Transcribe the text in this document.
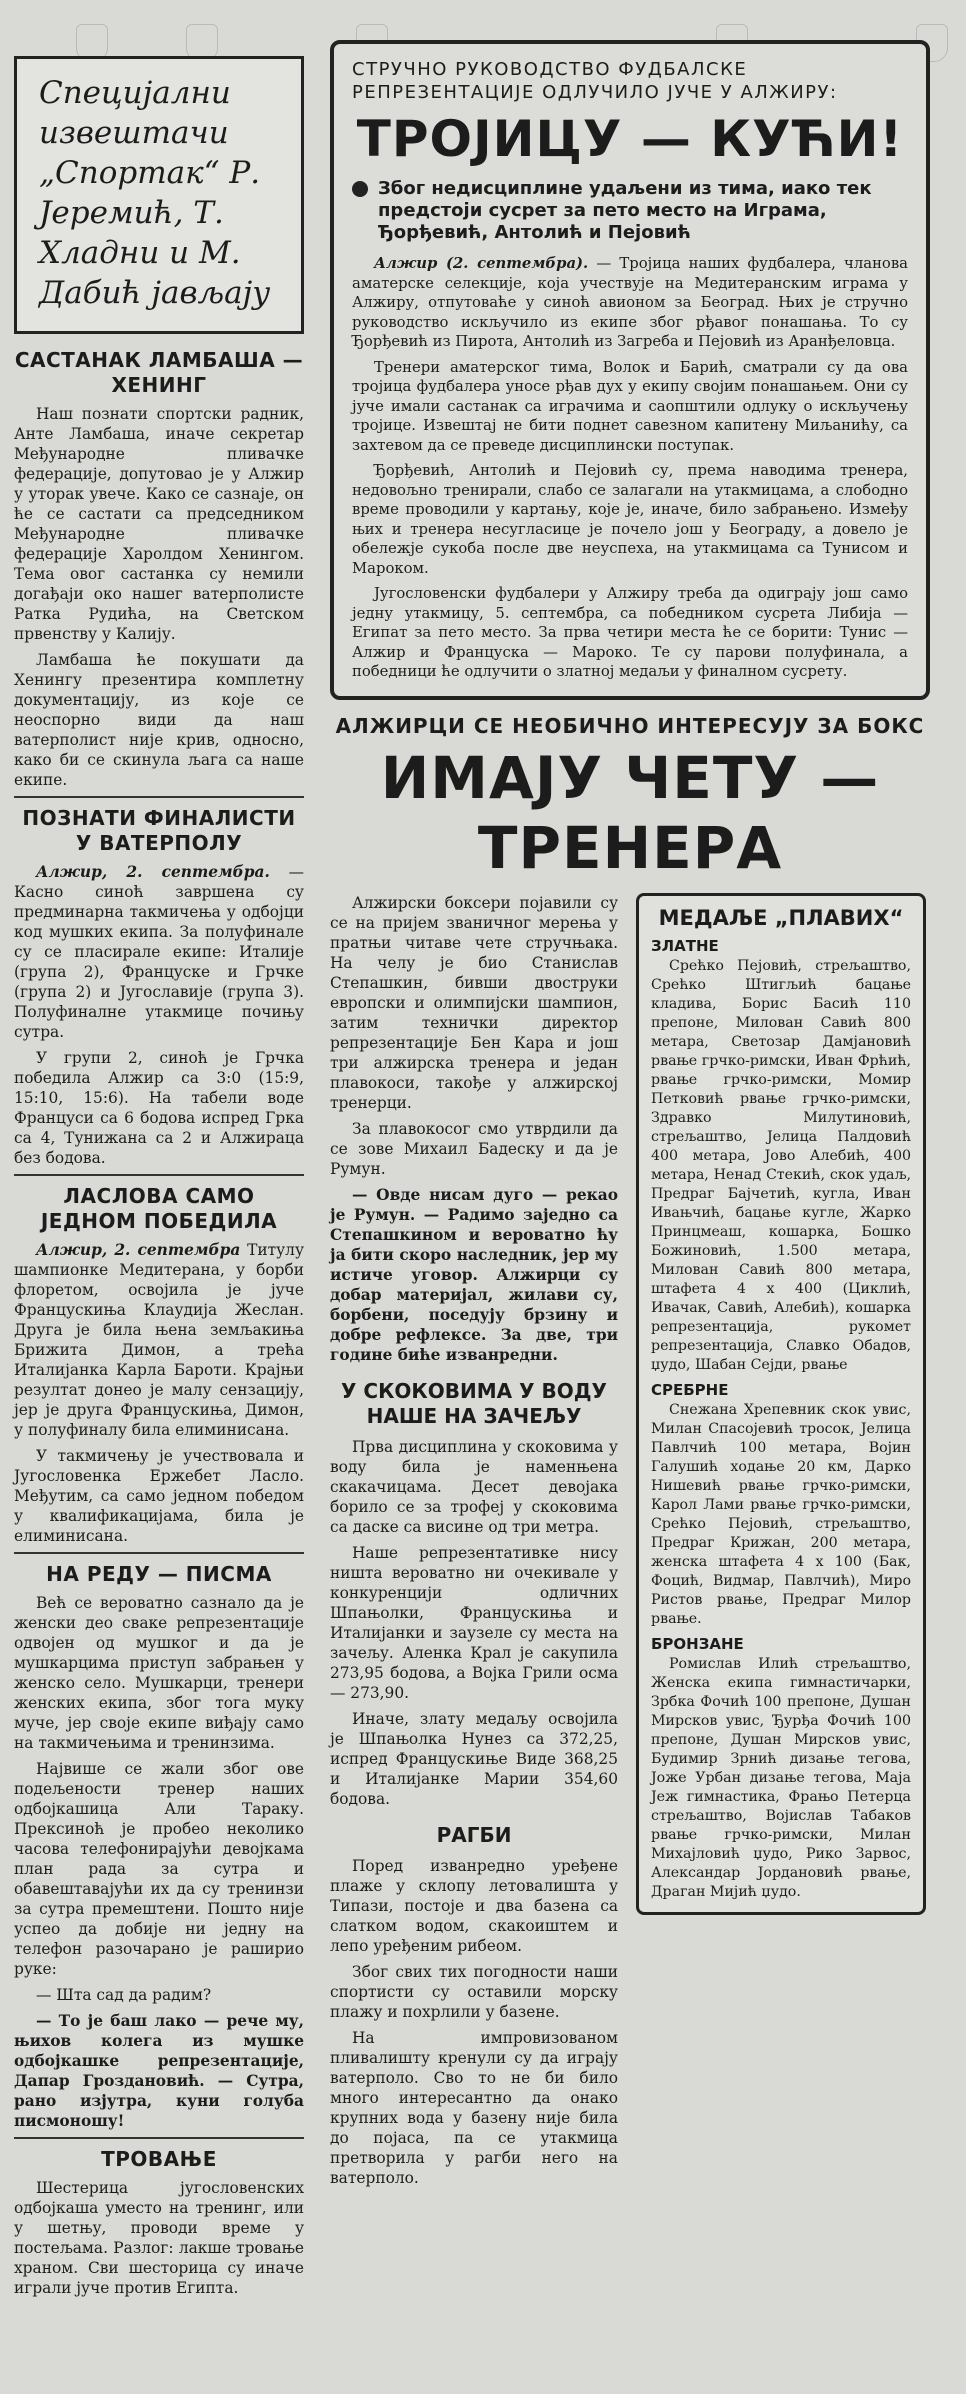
Специјални извештачи „Спортак“ Р. Јеремић, Т. Хладни и М. Дабић јављају
САСТАНАК ЛАМБАША — ХЕНИНГ

Наш познати спортски радник, Анте Ламбаша, иначе секретар Међународне пливачке федерације, допутовао је у Алжир у уторак увече. Како се сазнаје, он ће се састати са председником Међународне пливачке федерације Харолдом Хенингом. Тема овог састанка су немили догађаји око нашег ватерполисте Ратка Рудића, на Светском првенству у Калију.

Ламбаша ће покушати да Хенингу презентира комплетну документацију, из које се неоспорно види да наш ватерполист није крив, односно, како би се скинула љага са наше екипе.

ПОЗНАТИ ФИНАЛИСТИ У ВАТЕРПОЛУ

Алжир, 2. септембра. — Касно синоћ завршена су предминарна такмичења у одбојци код мушких екипа. За полуфинале су се пласирале екипе: Италије (група 2), Француске и Грчке (група 2) и Југославије (група 3). Полуфиналне утакмице почињу сутра.

У групи 2, синоћ је Грчка победила Алжир са 3:0 (15:9, 15:10, 15:6). На табели воде Француси са 6 бодова испред Грка са 4, Тунижана са 2 и Алжираца без бодова.

ЛАСЛОВА САМО ЈЕДНОМ ПОБЕДИЛА

Алжир, 2. септембра Титулу шампионке Медитерана, у борби флоретом, освојила је јуче Францускиња Клаудија Жеслан. Друга је била њена земљакиња Брижита Димон, а трећа Италијанка Карла Бароти. Крајњи резултат донео је малу сензацију, јер је друга Францускиња, Димон, у полуфиналу била елиминисана.

У такмичењу је учествовала и Југословенка Ержебет Ласло. Међутим, са само једном победом у квалификацијама, била је елиминисана.

НА РЕДУ — ПИСМА

Већ се вероватно сазнало да је женски део сваке репрезентације одвојен од мушког и да је мушкарцима приступ забрањен у женско село. Мушкарци, тренери женских екипа, због тога муку муче, јер своје екипе виђају само на такмичењима и тренинзима.

Највише се жали због ове подељености тренер наших одбојкашица Али Тараку. Прексиноћ је пробео неколико часова телефонирајући девојкама план рада за сутра и обавештавајући их да су тренинзи за сутра премештени. Пошто није успео да добије ни једну на телефон разочарано је раширио руке:

— Шта сад да радим?

— То је баш лако — рече му, њихов колега из мушке одбојкашке репрезентације, Дапар Гроздановић. — Сутра, рано изјутра, куни голуба писмоношу!

ТРОВАЊЕ

Шестерица југословенских одбојкаша уместо на тренинг, или у шетњу, проводи време у постељама. Разлог: лакше тровање храном. Сви шесторица су иначе играли јуче против Египта.

СТРУЧНО РУКОВОДСТВО ФУДБАЛСКЕ РЕПРЕЗЕНТАЦИЈЕ ОДЛУЧИЛО ЈУЧЕ У АЛЖИРУ:
ТРОЈИЦУ — КУЋИ!
Због недисциплине удаљени из тима, иако тек предстоји сусрет за пето место на Играма, Ђорђевић, Антолић и Пејовић

Алжир (2. септембра). — Тројица наших фудбалера, чланова аматерске селекције, која учествује на Медитеранским играма у Алжиру, отпутоваће у синоћ авионом за Београд. Њих је стручно руководство искључило из екипе због рђавог понашања. То су Ђорђевић из Пирота, Антолић из Загреба и Пејовић из Аранђеловца.

Тренери аматерског тима, Волок и Барић, сматрали су да ова тројица фудбалера уносе рђав дух у екипу својим понашањем. Они су јуче имали састанак са играчима и саопштили одлуку о искључењу тројице. Извештај не бити поднет савезном капитену Миљанићу, са захтевом да се преведе дисциплински поступак.

Ђорђевић, Антолић и Пејовић су, према наводима тренера, недовољно тренирали, слабо се залагали на утакмицама, а слободно време проводили у картању, које је, иначе, било забрањено. Између њих и тренера несугласице је почело још у Београду, а довело је обележје сукоба после две неуспеха, на утакмицама са Тунисом и Мароком.

Југословенски фудбалери у Алжиру треба да одиграју још само једну утакмицу, 5. септембра, са победником сусрета Либија — Египат за пето место. За прва четири места ће се борити: Тунис — Алжир и Француска — Мароко. Те су парови полуфинала, а победници ће одлучити о златној медаљи у финалном сусрету.

АЛЖИРЦИ СЕ НЕОБИЧНО ИНТЕРЕСУЈУ ЗА БОКС
ИМАЈУ ЧЕТУ — ТРЕНЕРА

Алжирски боксери појавили су се на пријем званичног мерења у пратњи читаве чете стручњака. На челу је био Станислав Степашкин, бивши двоструки европски и олимпијски шампион, затим технички директор репрезентације Бен Кара и још три алжирска тренера и један плавокоси, такође у алжирској тренерци.

За плавокосог смо утврдили да се зове Михаил Бадеску и да је Румун.

— Овде нисам дуго — рекао је Румун. — Радимо заједно са Степашкином и вероватно ћу ја бити скоро наследник, јер му истиче уговор. Алжирци су добар материјал, жилави су, борбени, поседују брзину и добре рефлексе. За две, три године биће изванредни.

У СКОКОВИМА У ВОДУ НАШЕ НА ЗАЧЕЉУ

Прва дисциплина у скоковима у воду била је наменњена скакачицама. Десет девојака борило се за трофеј у скоковима са даске са висине од три метра.

Наше репрезентативке нису ништа вероватно ни очекивале у конкуренцији одличних Шпањолки, Францускиња и Италијанки и заузеле су места на зачељу. Аленка Крал је сакупила 273,95 бодова, а Војка Грили осма — 273,90.

Иначе, злату медаљу освојила је Шпањолка Нунез са 372,25, испред Францускиње Виде 368,25 и Италијанке Марии 354,60 бодова.

РАГБИ

Поред изванредно уређене плаже у склопу летовалишта у Типази, постоје и два базена са слатком водом, скакоиштем и лепо уређеним рибеом.

Због свих тих погодности наши спортисти су оставили морску плажу и похрлили у базене.

На импровизованом пливалишту кренули су да играју ватерполо. Сво то не би било много интересантно да онако крупних вода у базену није била до појаса, па се утакмица претворила у рагби него на ватерполо.

МЕДАЉЕ „ПЛАВИХ“
ЗЛАТНЕ

Срећко Пејовић, стрељаштво, Срећко Штигљић бацање кладива, Борис Басић 110 препоне, Милован Савић 800 метара, Светозар Дамјановић рвање грчко-римски, Иван Фрћић, рвање грчко-римски, Момир Петковић рвање грчко-римски, Здравко Милутиновић, стрељаштво, Јелица Палдовић 400 метара, Јово Алебић, 400 метара, Ненад Стекић, скок удаљ, Предраг Бајчетић, кугла, Иван Ивањчић, бацање кугле, Жарко Принцмеаш, кошарка, Бошко Божиновић, 1.500 метара, Милован Савић 800 метара, штафета 4 x 400 (Циклић, Ивачак, Савић, Алебић), кошарка репрезентација, рукомет репрезентација, Славко Обадов, џудо, Шабан Сејди, рвање

СРЕБРНЕ

Снежана Хрепевник скок увис, Милан Спасојевић тросок, Јелица Павлчић 100 метара, Војин Галушић ходање 20 км, Дарко Нишевић рвање грчко-римски, Карол Лами рвање грчко-римски, Срећко Пејовић, стрељаштво, Предраг Крижан, 200 метара, женска штафета 4 x 100 (Бак, Фоцић, Видмар, Павлчић), Миро Ристов рвање, Предраг Милор рвање.

БРОНЗАНЕ

Ромислав Илић стрељаштво, Женска екипа гимнастичарки, Зрбка Фочић 100 препоне, Душан Мирсков увис, Ђурђа Фочић 100 препоне, Душан Мирсков увис, Будимир Зрнић дизање тегова, Јоже Урбан дизање тегова, Маја Јеж гимнастика, Фрањо Петерца стрељаштво, Војислав Табаков рвање грчко-римски, Милан Михајловић џудо, Рико Зарвос, Александар Јордановић рвање, Драган Мијић џудо.
